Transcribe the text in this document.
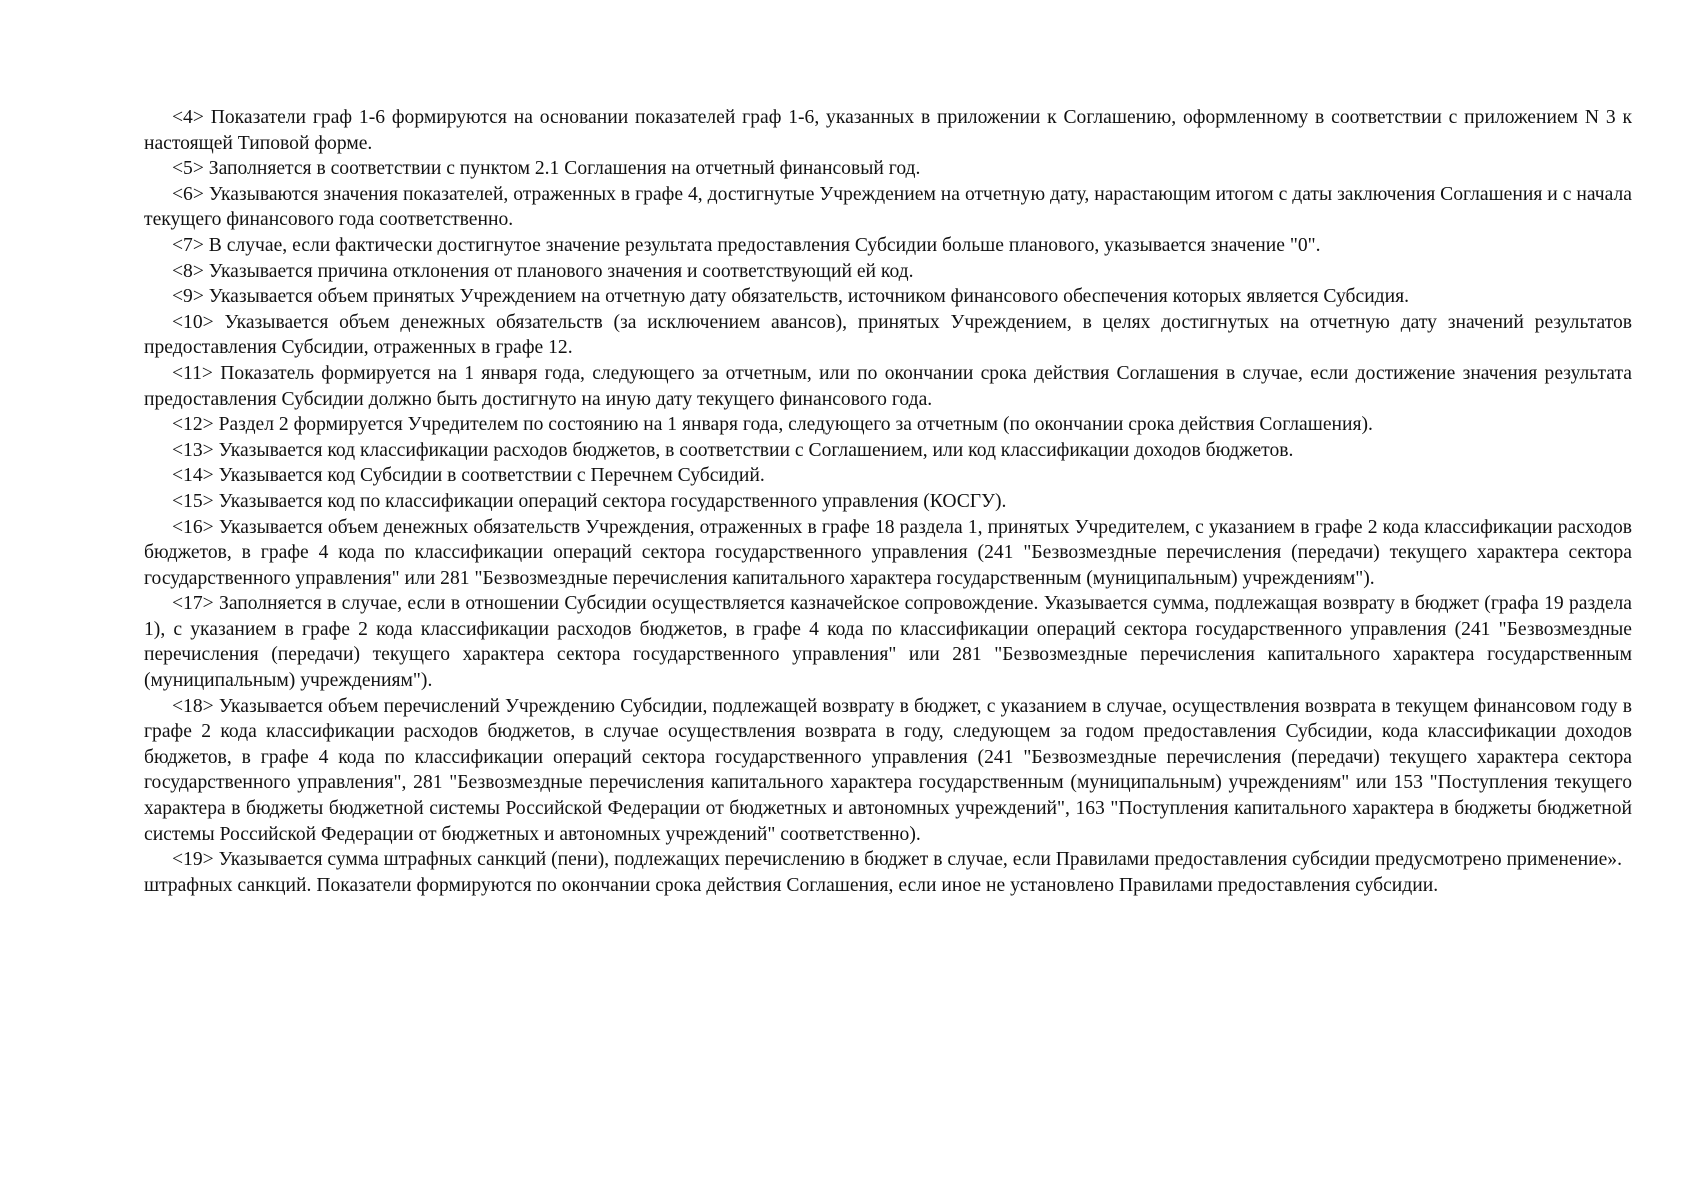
<4> Показатели граф 1-6 формируются на основании показателей граф 1-6, указанных в приложении к Соглашению, оформленному в соответствии с приложением N 3 к настоящей Типовой форме.

<5> Заполняется в соответствии с пунктом 2.1 Соглашения на отчетный финансовый год.

<6> Указываются значения показателей, отраженных в графе 4, достигнутые Учреждением на отчетную дату, нарастающим итогом с даты заключения Соглашения и с начала текущего финансового года соответственно.

<7> В случае, если фактически достигнутое значение результата предоставления Субсидии больше планового, указывается значение "0".

<8> Указывается причина отклонения от планового значения и соответствующий ей код.

<9> Указывается объем принятых Учреждением на отчетную дату обязательств, источником финансового обеспечения которых является Субсидия.

<10> Указывается объем денежных обязательств (за исключением авансов), принятых Учреждением, в целях достигнутых на отчетную дату значений результатов предоставления Субсидии, отраженных в графе 12.

<11> Показатель формируется на 1 января года, следующего за отчетным, или по окончании срока действия Соглашения в случае, если достижение значения результата предоставления Субсидии должно быть достигнуто на иную дату текущего финансового года.

<12> Раздел 2 формируется Учредителем по состоянию на 1 января года, следующего за отчетным (по окончании срока действия Соглашения).

<13> Указывается код классификации расходов бюджетов, в соответствии с Соглашением, или код классификации доходов бюджетов.

<14> Указывается код Субсидии в соответствии с Перечнем Субсидий.

<15> Указывается код по классификации операций сектора государственного управления (КОСГУ).

<16> Указывается объем денежных обязательств Учреждения, отраженных в графе 18 раздела 1, принятых Учредителем, с указанием в графе 2 кода классификации расходов бюджетов, в графе 4 кода по классификации операций сектора государственного управления (241 "Безвозмездные перечисления (передачи) текущего характера сектора государственного управления" или 281 "Безвозмездные перечисления капитального характера государственным (муниципальным) учреждениям").

<17> Заполняется в случае, если в отношении Субсидии осуществляется казначейское сопровождение. Указывается сумма, подлежащая возврату в бюджет (графа 19 раздела 1), с указанием в графе 2 кода классификации расходов бюджетов, в графе 4 кода по классификации операций сектора государственного управления (241 "Безвозмездные перечисления (передачи) текущего характера сектора государственного управления" или 281 "Безвозмездные перечисления капитального характера государственным (муниципальным) учреждениям").

<18> Указывается объем перечислений Учреждению Субсидии, подлежащей возврату в бюджет, с указанием в случае, осуществления возврата в текущем финансовом году в графе 2 кода классификации расходов бюджетов, в случае осуществления возврата в году, следующем за годом предоставления Субсидии, кода классификации доходов бюджетов, в графе 4 кода по классификации операций сектора государственного управления (241 "Безвозмездные перечисления (передачи) текущего характера сектора государственного управления", 281 "Безвозмездные перечисления капитального характера государственным (муниципальным) учреждениям" или 153 "Поступления текущего характера в бюджеты бюджетной системы Российской Федерации от бюджетных и автономных учреждений", 163 "Поступления капитального характера в бюджеты бюджетной системы Российской Федерации от бюджетных и автономных учреждений" соответственно).

».

<19> Указывается сумма штрафных санкций (пени), подлежащих перечислению в бюджет в случае, если Правилами предоставления субсидии предусмотрено применение штрафных санкций. Показатели формируются по окончании срока действия Соглашения, если иное не установлено Правилами предоставления субсидии.
